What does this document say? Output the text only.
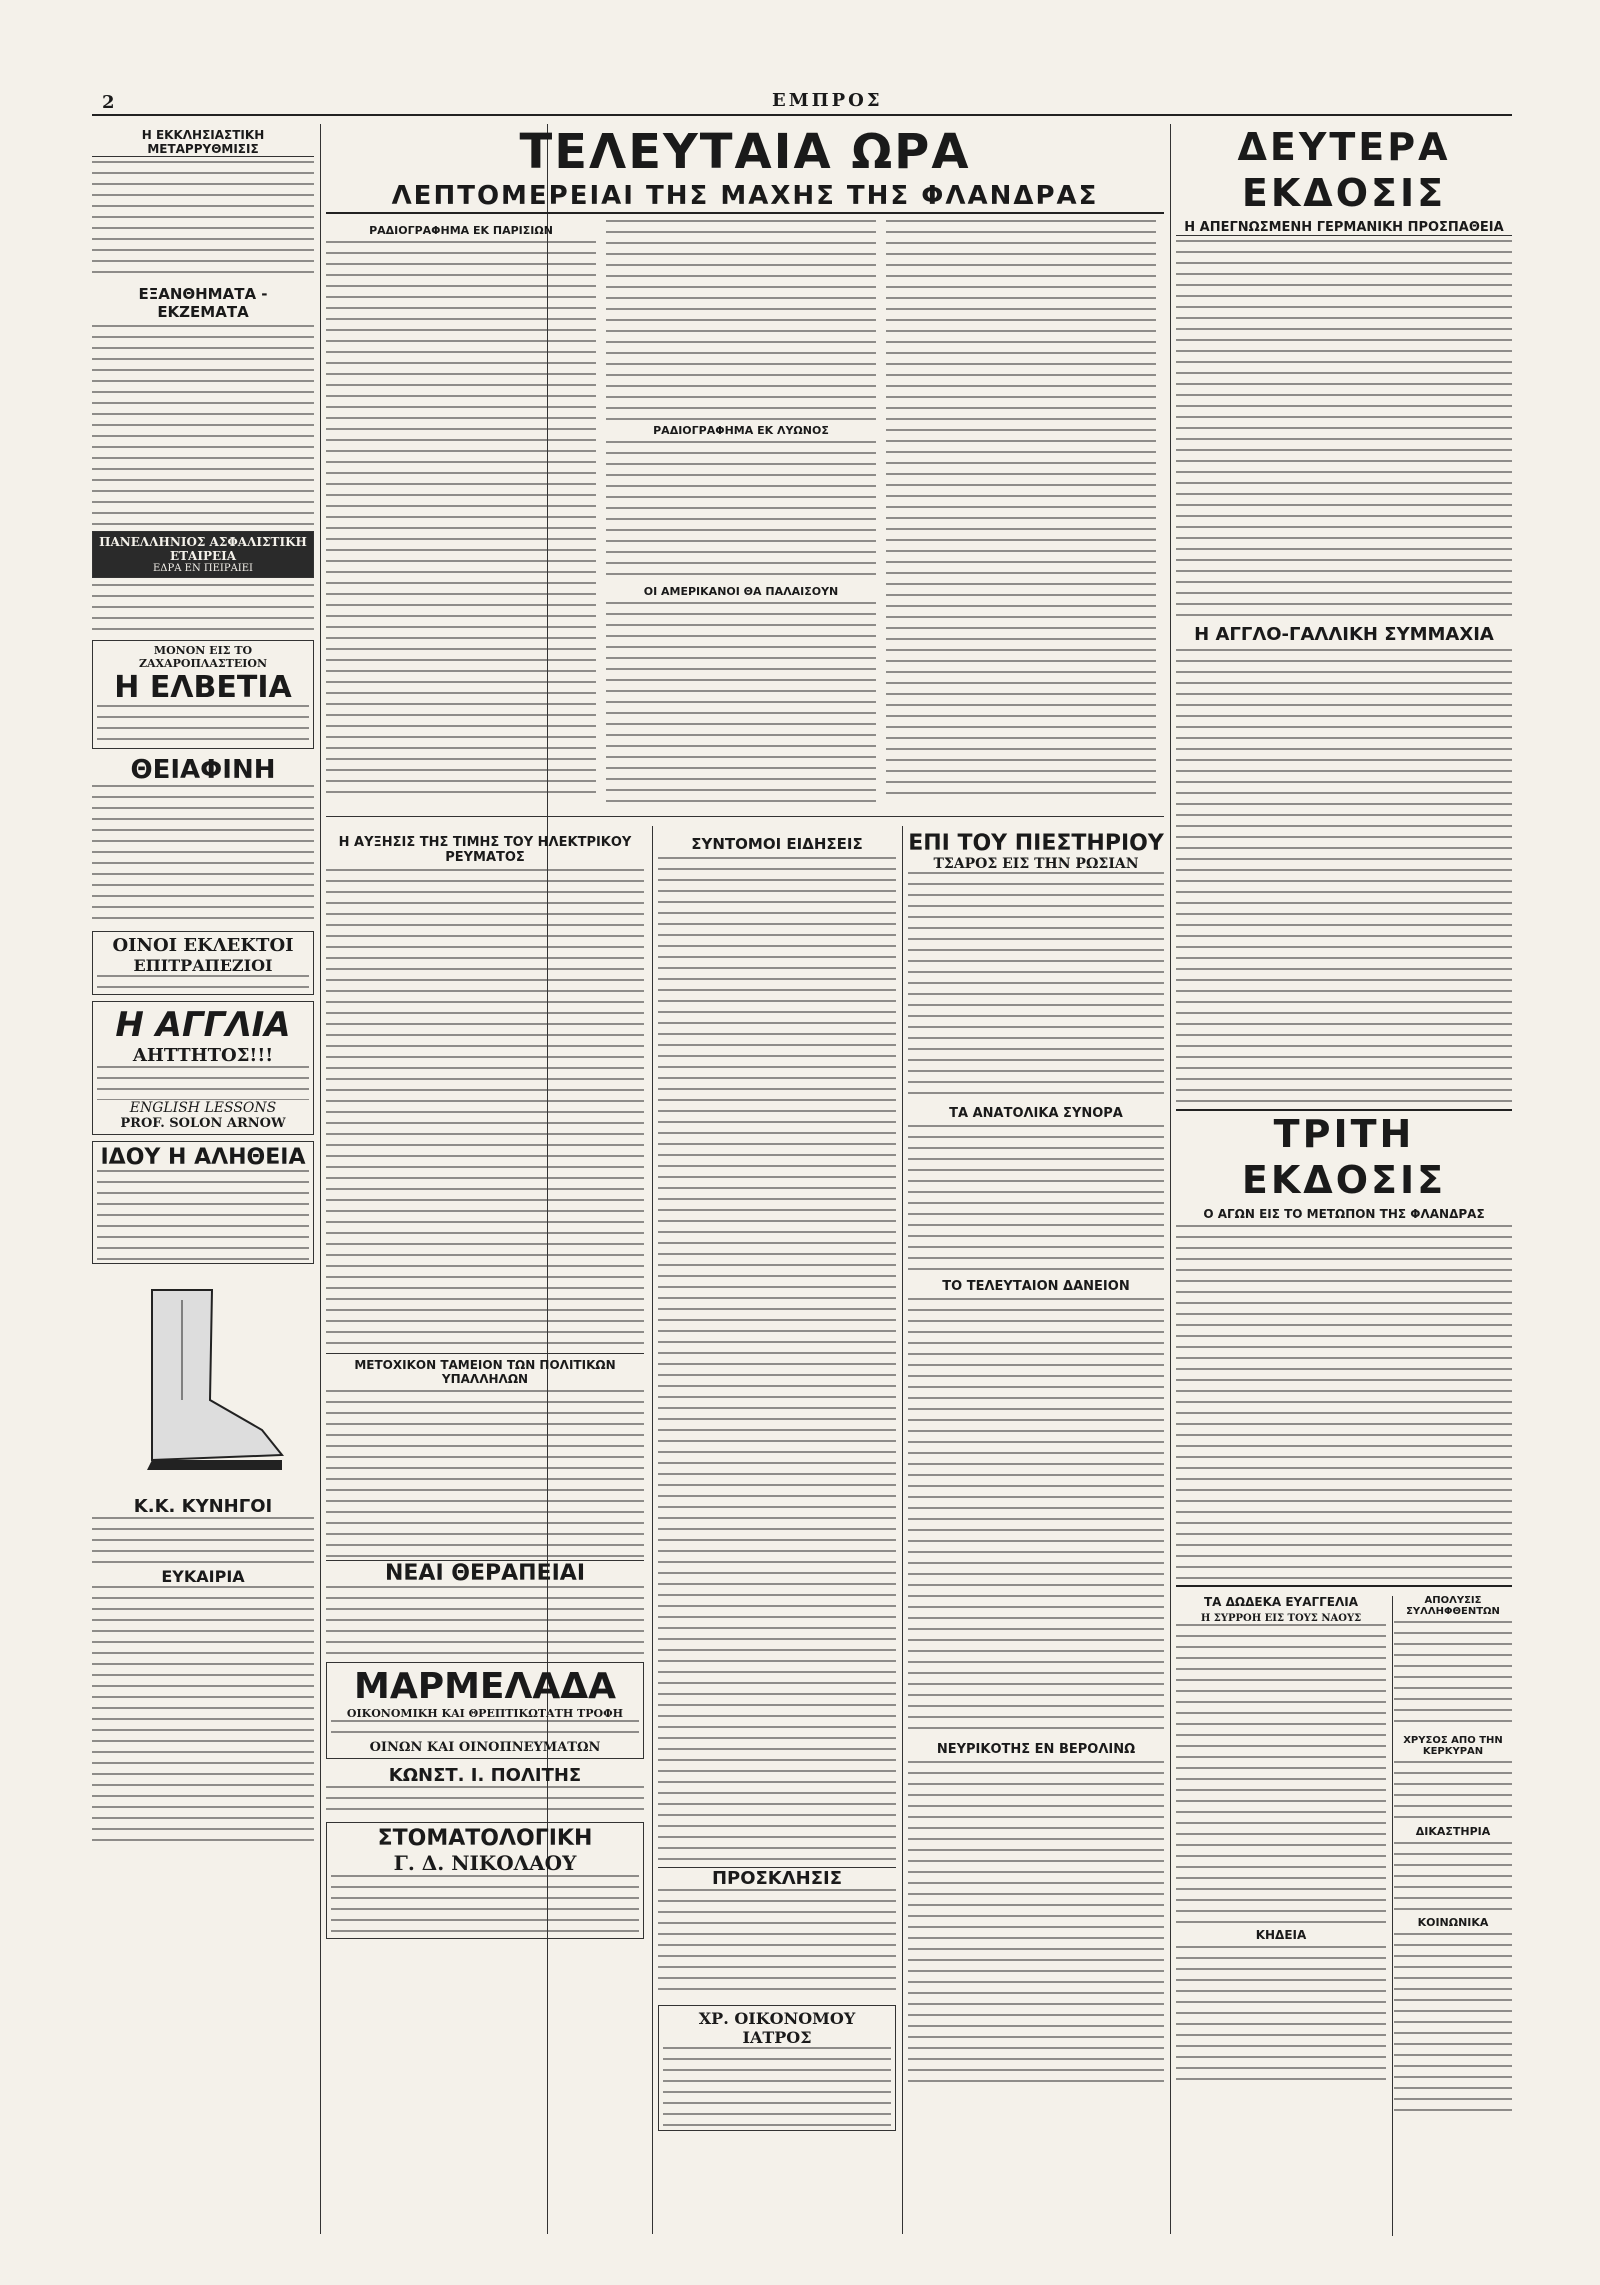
2	ΕΜΠΡΟΣ
Η ΕΚΚΛΗΣΙΑΣΤΙΚΗ ΜΕΤΑΡΡΥΘΜΙΣΙΣ
ΕΞΑΝΘΗΜΑΤΑ - ΕΚΖΕΜΑΤΑ
ΠΑΝΕΛΛΗΝΙΟΣ ΑΣΦΑΛΙΣΤΙΚΗ ΕΤΑΙΡΕΙΑ
ΕΔΡΑ ΕΝ ΠΕΙΡΑΙΕΙ
ΜΟΝΟΝ ΕΙΣ ΤΟ ΖΑΧΑΡΟΠΛΑΣΤΕΙΟΝ
Η ΕΛΒΕΤΙΑ
ΘΕΙΑΦΙΝΗ
ΟΙΝΟΙ ΕΚΛΕΚΤΟΙ
ΕΠΙΤΡΑΠΕΖΙΟΙ
Η ΑΓΓΛΙΑ
ΑΗΤΤΗΤΟΣ!!!
ENGLISH LESSONS
PROF. SOLON ARNOW
ΙΔΟΥ Η ΑΛΗΘΕΙΑ
Κ.Κ. ΚΥΝΗΓΟΙ
ΕΥΚΑΙΡΙΑ
ΤΕΛΕΥΤΑΙΑ ΩΡΑ
ΛΕΠΤΟΜΕΡΕΙΑΙ ΤΗΣ ΜΑΧΗΣ ΤΗΣ ΦΛΑΝΔΡΑΣ
ΡΑΔΙΟΓΡΑΦΗΜΑ ΕΚ ΠΑΡΙΣΙΩΝ
ΡΑΔΙΟΓΡΑΦΗΜΑ ΕΚ ΛΥΩΝΟΣ
ΟΙ ΑΜΕΡΙΚΑΝΟΙ ΘΑ ΠΑΛΑΙΣΟΥΝ
Η ΑΥΞΗΣΙΣ ΤΗΣ ΤΙΜΗΣ ΤΟΥ ΗΛΕΚΤΡΙΚΟΥ ΡΕΥΜΑΤΟΣ
ΜΕΤΟΧΙΚΟΝ ΤΑΜΕΙΟΝ ΤΩΝ ΠΟΛΙΤΙΚΩΝ ΥΠΑΛΛΗΛΩΝ
ΝΕΑΙ ΘΕΡΑΠΕΙΑΙ
ΜΑΡΜΕΛΑΔΑ
ΟΙΚΟΝΟΜΙΚΗ ΚΑΙ ΘΡΕΠΤΙΚΩΤΑΤΗ ΤΡΟΦΗ
ΟΙΝΩΝ ΚΑΙ ΟΙΝΟΠΝΕΥΜΑΤΩΝ
ΚΩΝΣΤ. Ι. ΠΟΛΙΤΗΣ
ΣΤΟΜΑΤΟΛΟΓΙΚΗ
Γ. Δ. ΝΙΚΟΛΑΟΥ
ΣΥΝΤΟΜΟΙ ΕΙΔΗΣΕΙΣ
ΠΡΟΣΚΛΗΣΙΣ
ΧΡ. ΟΙΚΟΝΟΜΟΥ ΙΑΤΡΟΣ
ΕΠΙ ΤΟΥ ΠΙΕΣΤΗΡΙΟΥ
ΤΣΑΡΟΣ ΕΙΣ ΤΗΝ ΡΩΣΙΑΝ
ΤΑ ΑΝΑΤΟΛΙΚΑ ΣΥΝΟΡΑ
ΤΟ ΤΕΛΕΥΤΑΙΟΝ ΔΑΝΕΙΟΝ
ΝΕΥΡΙΚΟΤΗΣ ΕΝ ΒΕΡΟΛΙΝΩ
ΔΕΥΤΕΡΑ ΕΚΔΟΣΙΣ
Η ΑΠΕΓΝΩΣΜΕΝΗ ΓΕΡΜΑΝΙΚΗ ΠΡΟΣΠΑΘΕΙΑ
Η ΑΓΓΛΟ-ΓΑΛΛΙΚΗ ΣΥΜΜΑΧΙΑ
ΤΡΙΤΗ ΕΚΔΟΣΙΣ
Ο ΑΓΩΝ ΕΙΣ ΤΟ ΜΕΤΩΠΟΝ ΤΗΣ ΦΛΑΝΔΡΑΣ
ΤΑ ΔΩΔΕΚΑ ΕΥΑΓΓΕΛΙΑ
Η ΣΥΡΡΟΗ ΕΙΣ ΤΟΥΣ ΝΑΟΥΣ
ΚΗΔΕΙΑ
ΑΠΟΛΥΣΙΣ ΣΥΛΛΗΦΘΕΝΤΩΝ
ΧΡΥΣΟΣ ΑΠΟ ΤΗΝ ΚΕΡΚΥΡΑΝ
ΔΙΚΑΣΤΗΡΙΑ
ΚΟΙΝΩΝΙΚΑ
